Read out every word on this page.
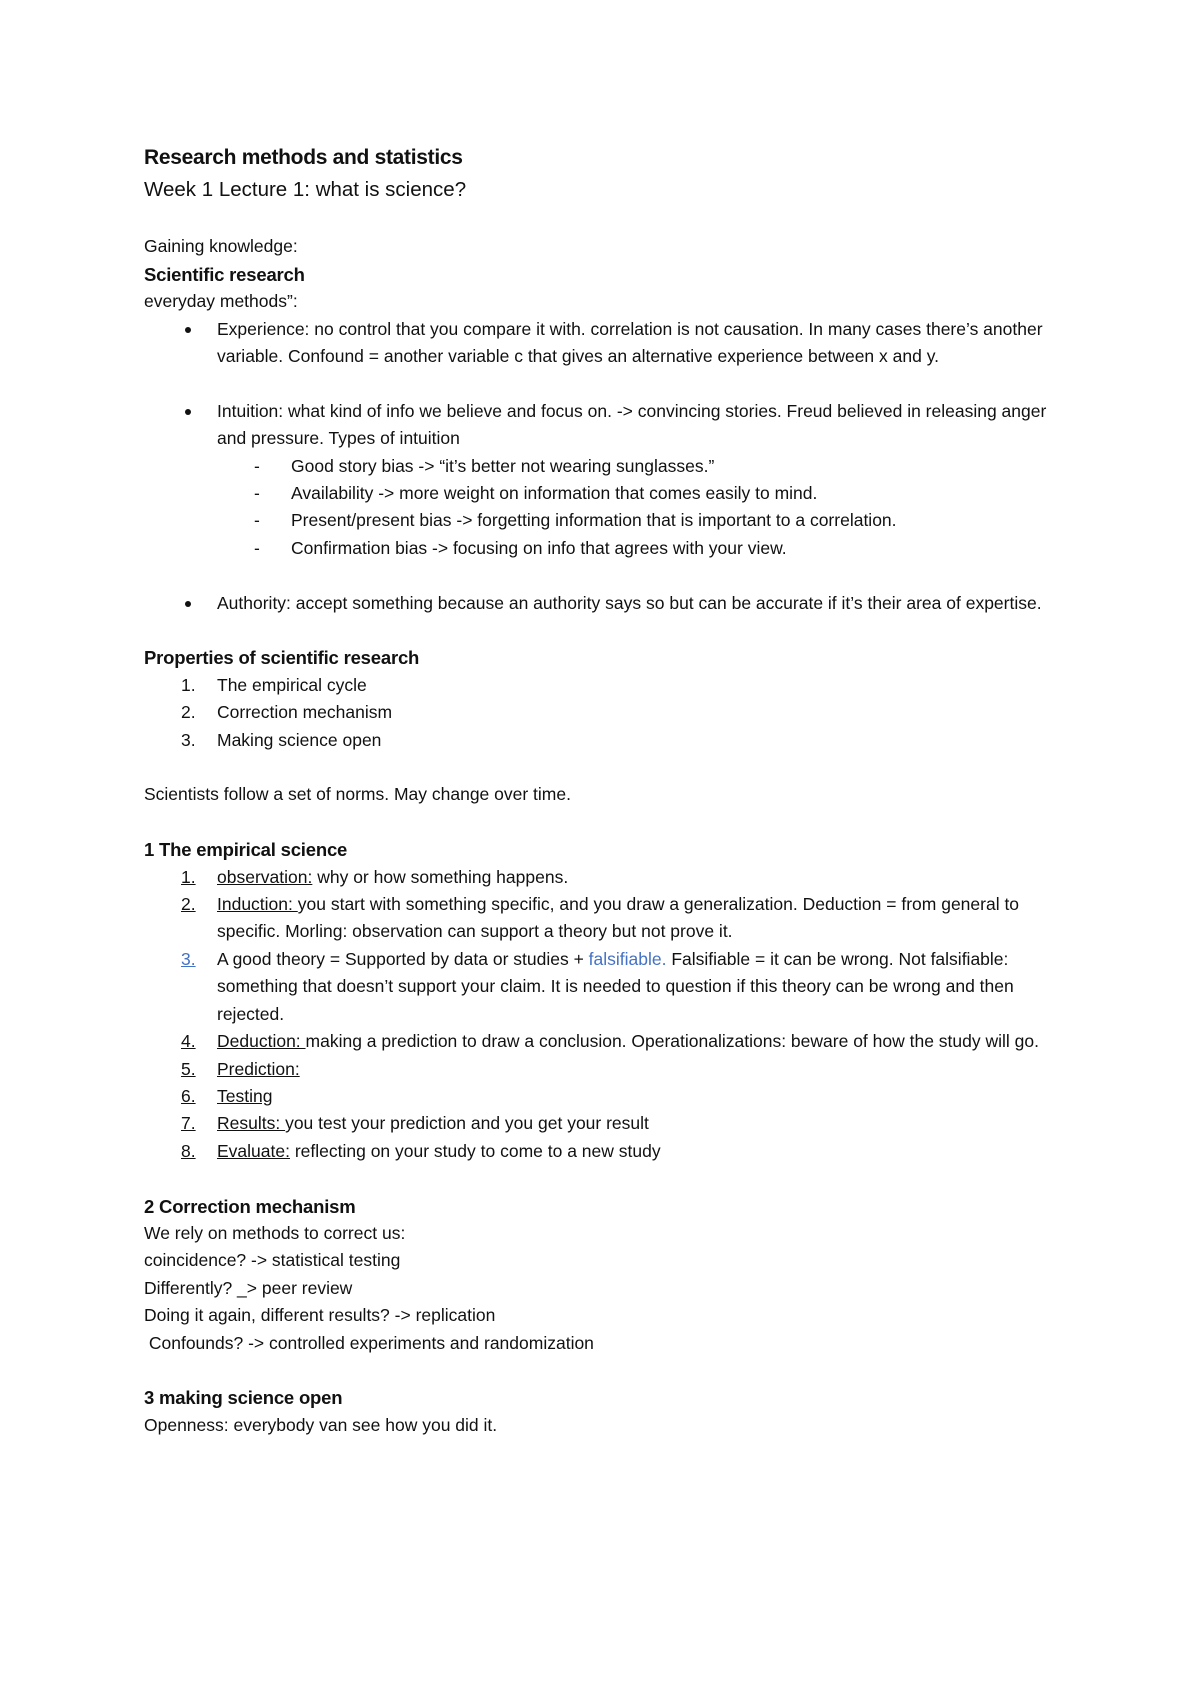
Research methods and statistics
Week 1 Lecture 1: what is science?
Gaining knowledge:
Scientific research
everyday methods”:
Experience: no control that you compare it with. correlation is not causation. In many cases there’s another variable. Confound = another variable c that gives an alternative experience between x and y.
Intuition: what kind of info we believe and focus on. -> convincing stories. Freud believed in releasing anger and pressure. Types of intuition
- Good story bias -> “it’s better not wearing sunglasses.”
- Availability -> more weight on information that comes easily to mind.
- Present/present bias -> forgetting information that is important to a correlation.
- Confirmation bias -> focusing on info that agrees with your view.
Authority: accept something because an authority says so but can be accurate if it’s their area of expertise.
Properties of scientific research
1. The empirical cycle
2. Correction mechanism
3. Making science open
Scientists follow a set of norms. May change over time.
1 The empirical science
1.	observation: why or how something happens.
2.	Induction: you start with something specific, and you draw a generalization. Deduction = from general to specific. Morling: observation can support a theory but not prove it.
3.	A good theory = Supported by data or studies + falsifiable. Falsifiable = it can be wrong. Not falsifiable: something that doesn’t support your claim. It is needed to question if this theory can be wrong and then rejected.
4.	Deduction: making a prediction to draw a conclusion. Operationalizations: beware of how the study will go.
5.	Prediction:
6.	Testing
7.	Results: you test your prediction and you get your result
8.	Evaluate: reflecting on your study to come to a new study
2 Correction mechanism
We rely on methods to correct us:
coincidence? -> statistical testing
Differently? _> peer review
Doing it again, different results? -> replication
Confounds? -> controlled experiments and randomization
3 making science open
Openness: everybody van see how you did it.
